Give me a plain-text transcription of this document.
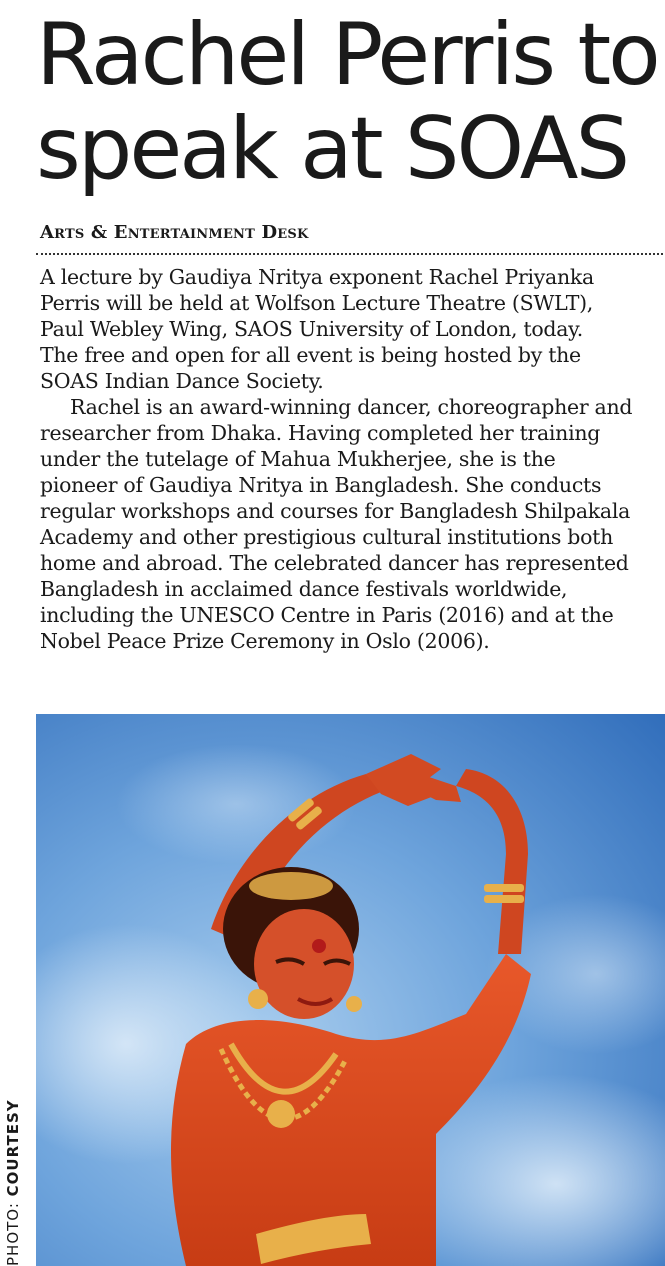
Rachel Perris to
speak at SOAS
Arts & Entertainment Desk
A lecture by Gaudiya Nritya exponent Rachel Priyanka
Perris will be held at Wolfson Lecture Theatre (SWLT),
Paul Webley Wing, SAOS University of London, today.
The free and open for all event is being hosted by the
SOAS Indian Dance Society.
Rachel is an award-winning dancer, choreographer and
researcher from Dhaka. Having completed her training
under the tutelage of Mahua Mukherjee, she is the
pioneer of Gaudiya Nritya in Bangladesh. She conducts
regular workshops and courses for Bangladesh Shilpakala
Academy and other prestigious cultural institutions both
home and abroad. The celebrated dancer has represented
Bangladesh in acclaimed dance festivals worldwide,
including the UNESCO Centre in Paris (2016) and at the
Nobel Peace Prize Ceremony in Oslo (2006).
PHOTO: COURTESY
